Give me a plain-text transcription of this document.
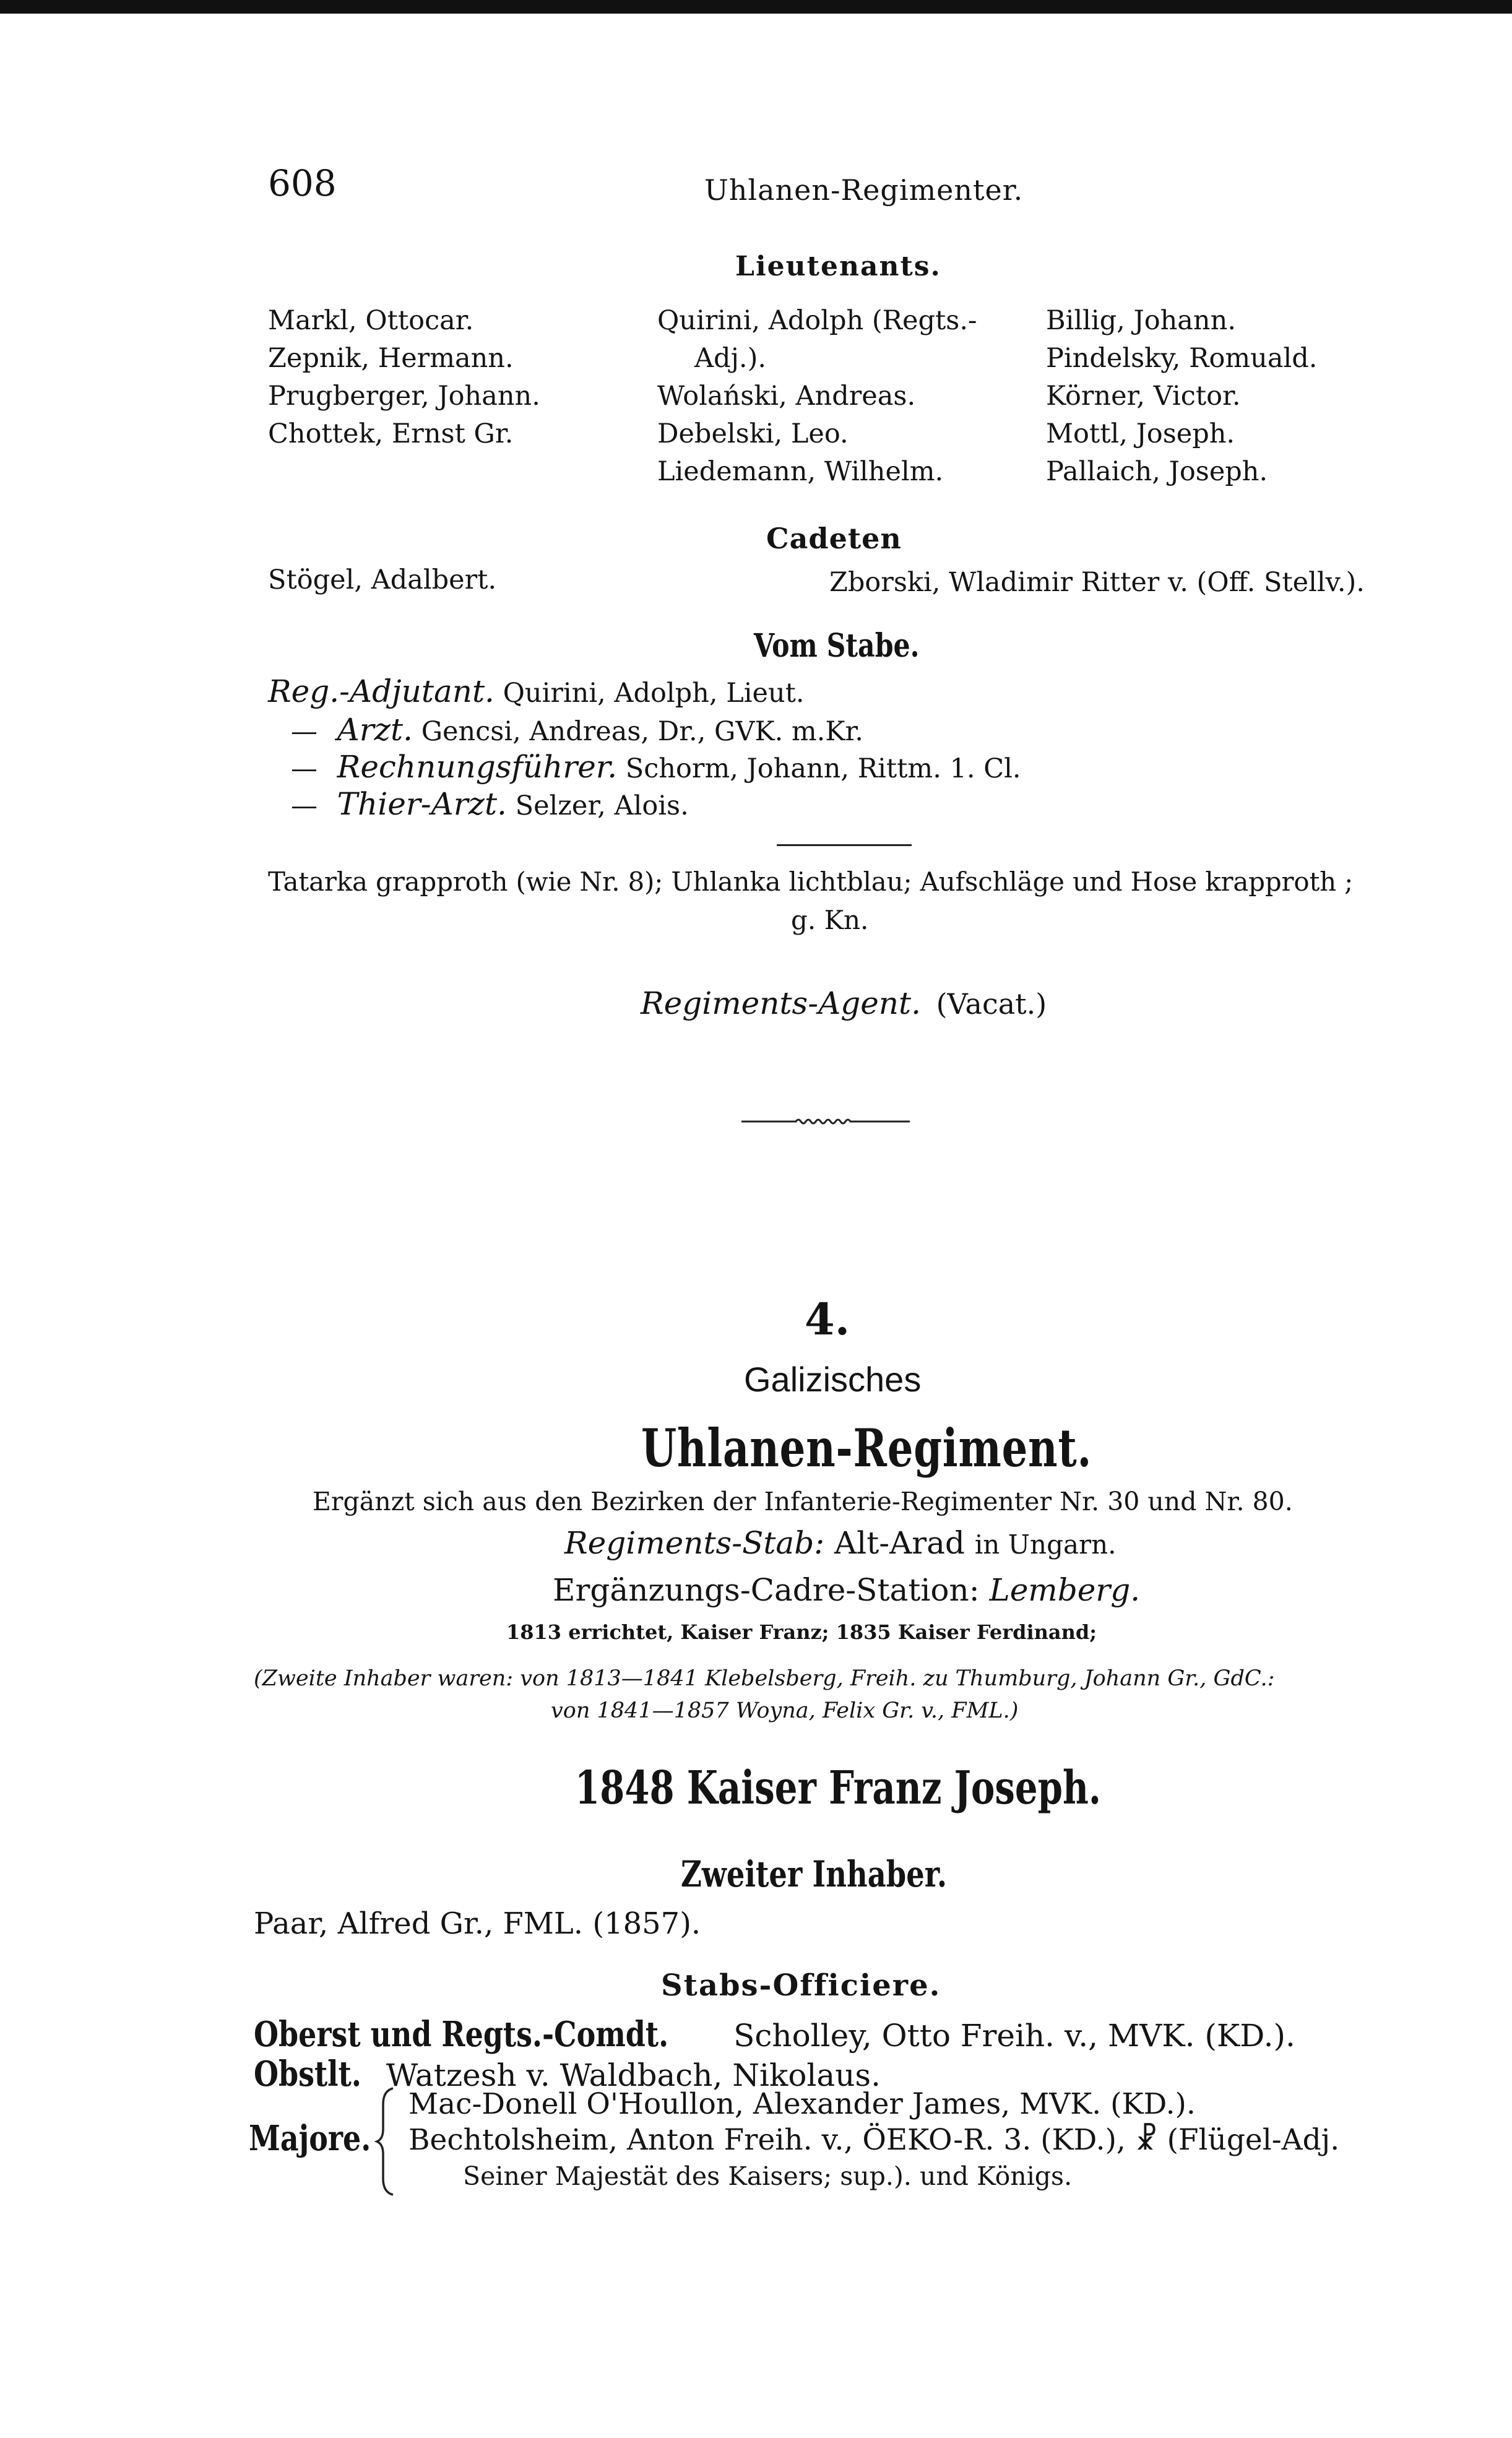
608	Uhlanen-Regimenter.
Lieutenants.
Markl, Ottocar.
Zepnik, Hermann.
Prugberger, Johann.
Chottek, Ernst Gr.
Quirini, Adolph (Regts.-
Adj.).
Wolański, Andreas.
Debelski, Leo.
Liedemann, Wilhelm.
Billig, Johann.
Pindelsky, Romuald.
Körner, Victor.
Mottl, Joseph.
Pallaich, Joseph.
Cadeten
Stögel, Adalbert.	Zborski, Wladimir Ritter v. (Off. Stellv.).
Vom Stabe.
Reg.-Adjutant. Quirini, Adolph, Lieut.
— Arzt. Gencsi, Andreas, Dr., GVK. m.Kr.
— Rechnungsführer. Schorm, Johann, Rittm. 1. Cl.
— Thier-Arzt. Selzer, Alois.
Tatarka grapproth (wie Nr. 8); Uhlanka lichtblau; Aufschläge und Hose krapproth ;
g. Kn.
Regiments-Agent. (Vacat.)
4.
Galizisches
Uhlanen-Regiment.
Ergänzt sich aus den Bezirken der Infanterie-Regimenter Nr. 30 und Nr. 80.
Regiments-Stab: Alt-Arad in Ungarn.
Ergänzungs-Cadre-Station: Lemberg.
1813 errichtet, Kaiser Franz; 1835 Kaiser Ferdinand;
(Zweite Inhaber waren: von 1813—1841 Klebelsberg, Freih. zu Thumburg, Johann Gr., GdC.:
von 1841—1857 Woyna, Felix Gr. v., FML.)
1848 Kaiser Franz Joseph.
Zweiter Inhaber.
Paar, Alfred Gr., FML. (1857).
Stabs-Officiere.
Oberst und Regts.-Comdt. Scholley, Otto Freih. v., MVK. (KD.).
Obstlt. Watzesh v. Waldbach, Nikolaus.
Majore.
Mac-Donell O'Houllon, Alexander James, MVK. (KD.).
Bechtolsheim, Anton Freih. v., ÖEKO-R. 3. (KD.), ☧ (Flügel-Adj.
Seiner Majestät des Kaisers; sup.). und Königs.
